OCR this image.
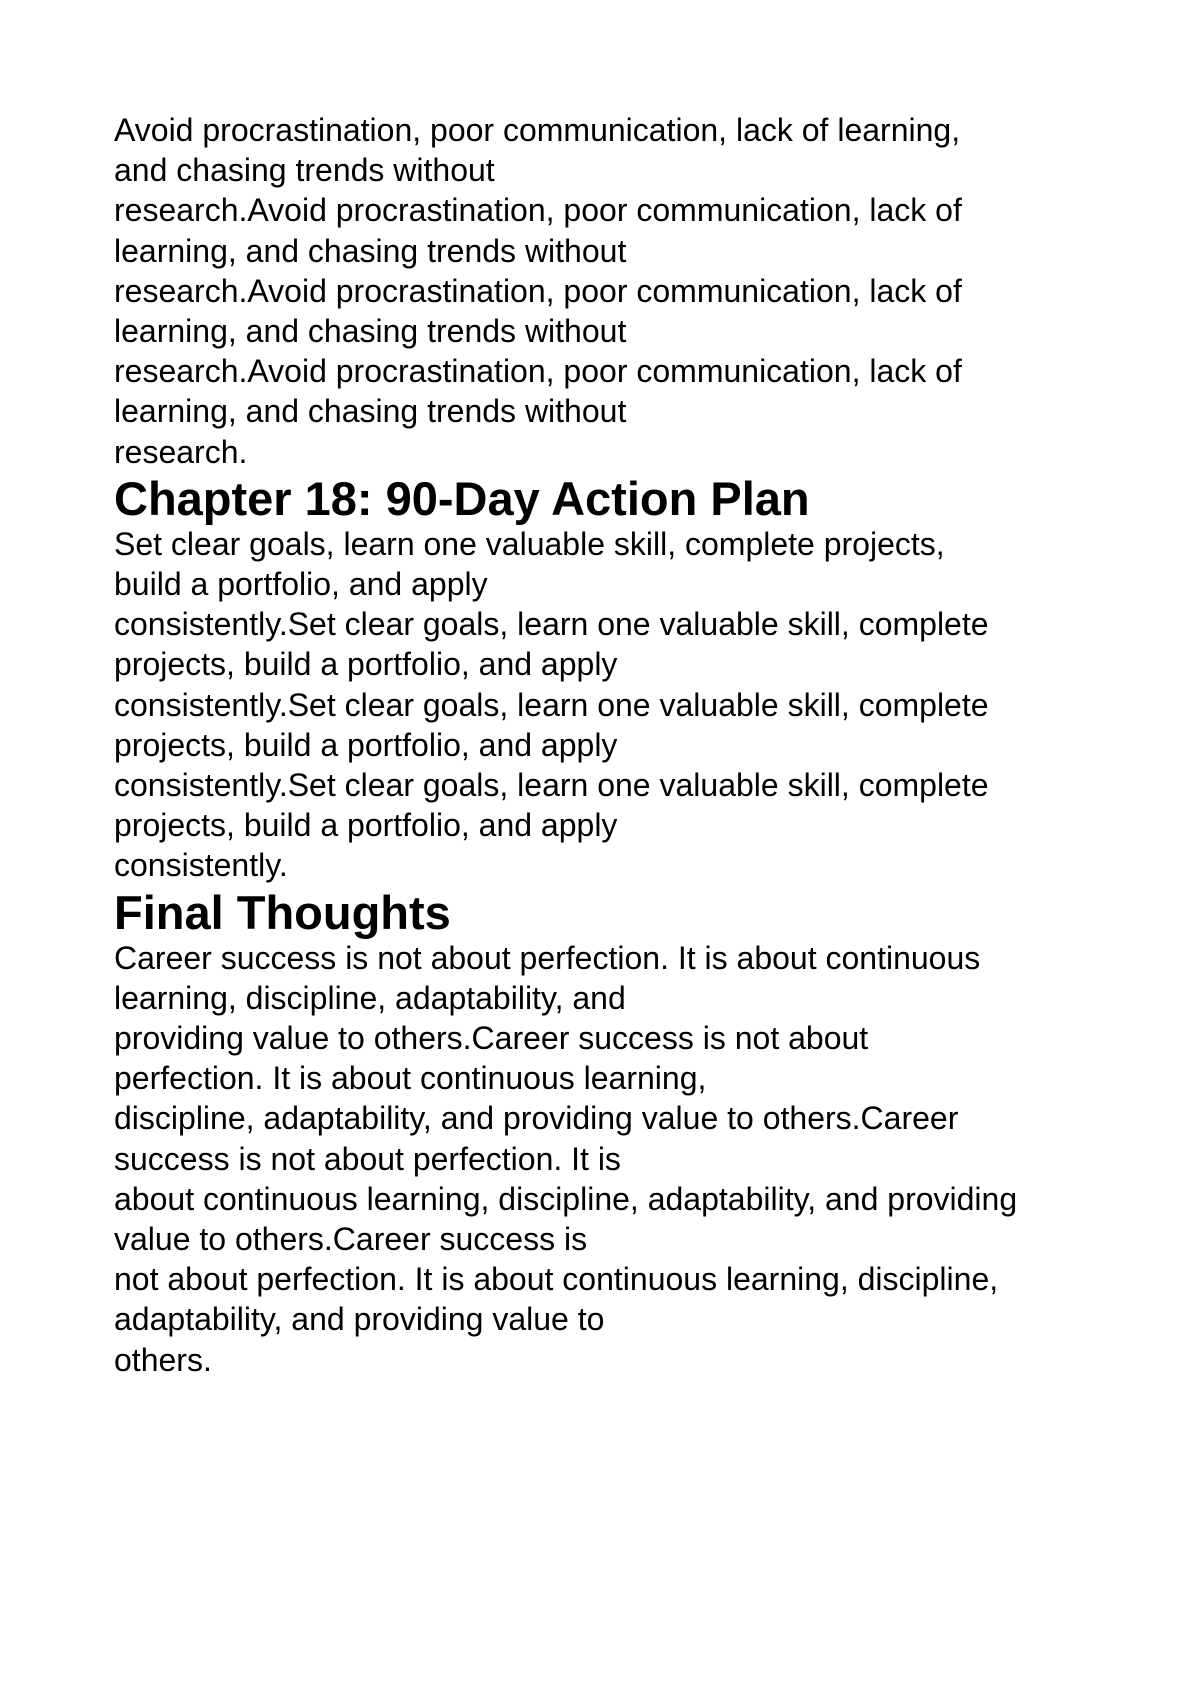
Avoid procrastination, poor communication, lack of learning,

and chasing trends without

research.Avoid procrastination, poor communication, lack of

learning, and chasing trends without

research.Avoid procrastination, poor communication, lack of

learning, and chasing trends without

research.Avoid procrastination, poor communication, lack of

learning, and chasing trends without

research.

Chapter 18: 90-Day Action Plan

Set clear goals, learn one valuable skill, complete projects,

build a portfolio, and apply

consistently.Set clear goals, learn one valuable skill, complete

projects, build a portfolio, and apply

consistently.Set clear goals, learn one valuable skill, complete

projects, build a portfolio, and apply

consistently.Set clear goals, learn one valuable skill, complete

projects, build a portfolio, and apply

consistently.

Final Thoughts

Career success is not about perfection. It is about continuous

learning, discipline, adaptability, and

providing value to others.Career success is not about

perfection. It is about continuous learning,

discipline, adaptability, and providing value to others.Career

success is not about perfection. It is

about continuous learning, discipline, adaptability, and providing

value to others.Career success is

not about perfection. It is about continuous learning, discipline,

adaptability, and providing value to

others.
